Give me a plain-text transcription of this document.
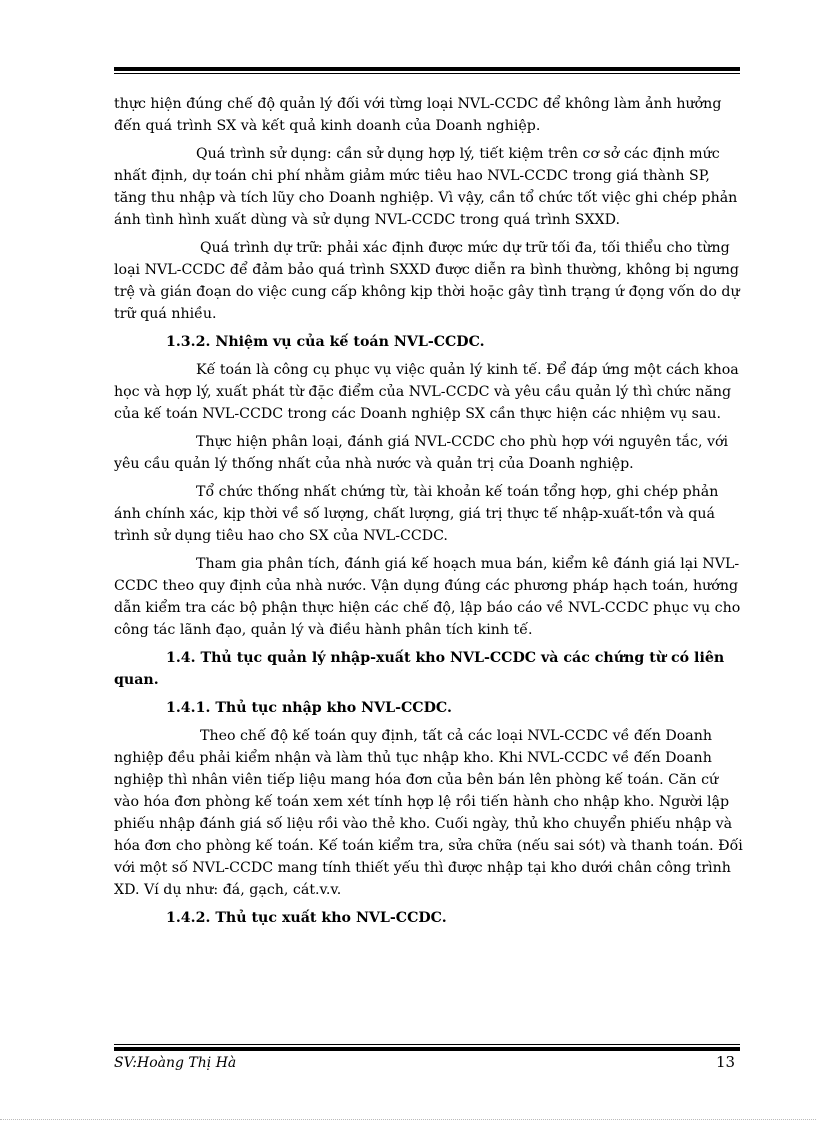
thực hiện đúng chế độ quản lý đối với từng loại NVL-CCDC để không làm ảnh hưởng đến quá trình SX và kết quả kinh doanh của Doanh nghiệp.

Quá trình sử dụng: cần sử dụng hợp lý, tiết kiệm trên cơ sở các định mức nhất định, dự toán chi phí nhằm giảm mức tiêu hao NVL-CCDC trong giá thành SP, tăng thu nhập và tích lũy cho Doanh nghiệp. Vì vậy, cần tổ chức tốt việc ghi chép phản ánh tình hình xuất dùng và sử dụng NVL-CCDC trong quá trình SXXD.

Quá trình dự trữ: phải xác định được mức dự trữ tối đa, tối thiểu cho từng loại NVL-CCDC để đảm bảo quá trình SXXD được diễn ra bình thường, không bị ngưng trệ và gián đoạn do việc cung cấp không kịp thời hoặc gây tình trạng ứ đọng vốn do dự trữ quá nhiều.

1.3.2. Nhiệm vụ của kế toán NVL-CCDC.

Kế toán là công cụ phục vụ việc quản lý kinh tế. Để đáp ứng một cách khoa học và hợp lý, xuất phát từ đặc điểm của NVL-CCDC và yêu cầu quản lý thì chức năng của kế toán NVL-CCDC trong các Doanh nghiệp SX cần thực hiện các nhiệm vụ sau.

Thực hiện phân loại, đánh giá NVL-CCDC cho phù hợp với nguyên tắc, với yêu cầu quản lý thống nhất của nhà nước và quản trị của Doanh nghiệp.

Tổ chức thống nhất chứng từ, tài khoản kế toán tổng hợp, ghi chép phản ánh chính xác, kịp thời về số lượng, chất lượng, giá trị thực tế nhập-xuất-tồn và quá trình sử dụng tiêu hao cho SX của NVL-CCDC.

Tham gia phân tích, đánh giá kế hoạch mua bán, kiểm kê đánh giá lại NVL-CCDC theo quy định của nhà nước. Vận dụng đúng các phương pháp hạch toán, hướng dẫn kiểm tra các bộ phận thực hiện các chế độ, lập báo cáo về NVL-CCDC phục vụ cho công tác lãnh đạo, quản lý và điều hành phân tích kinh tế.

1.4. Thủ tục quản lý nhập-xuất kho NVL-CCDC và các chứng từ có liên quan.

1.4.1. Thủ tục nhập kho NVL-CCDC.

Theo chế độ kế toán quy định, tất cả các loại NVL-CCDC về đến Doanh nghiệp đều phải kiểm nhận và làm thủ tục nhập kho. Khi NVL-CCDC về đến Doanh nghiệp thì nhân viên tiếp liệu mang hóa đơn của bên bán lên phòng kế toán. Căn cứ vào hóa đơn phòng kế toán xem xét tính hợp lệ rồi tiến hành cho nhập kho. Người lập phiếu nhập đánh giá số liệu rồi vào thẻ kho. Cuối ngày, thủ kho chuyển phiếu nhập và hóa đơn cho phòng kế toán. Kế toán kiểm tra, sửa chữa (nếu sai sót) và thanh toán. Đối với một số NVL-CCDC mang tính thiết yếu thì được nhập tại kho dưới chân công trình XD. Ví dụ như: đá, gạch, cát.v.v.

1.4.2. Thủ tục xuất kho NVL-CCDC.

SV:Hoàng Thị Hà	13
